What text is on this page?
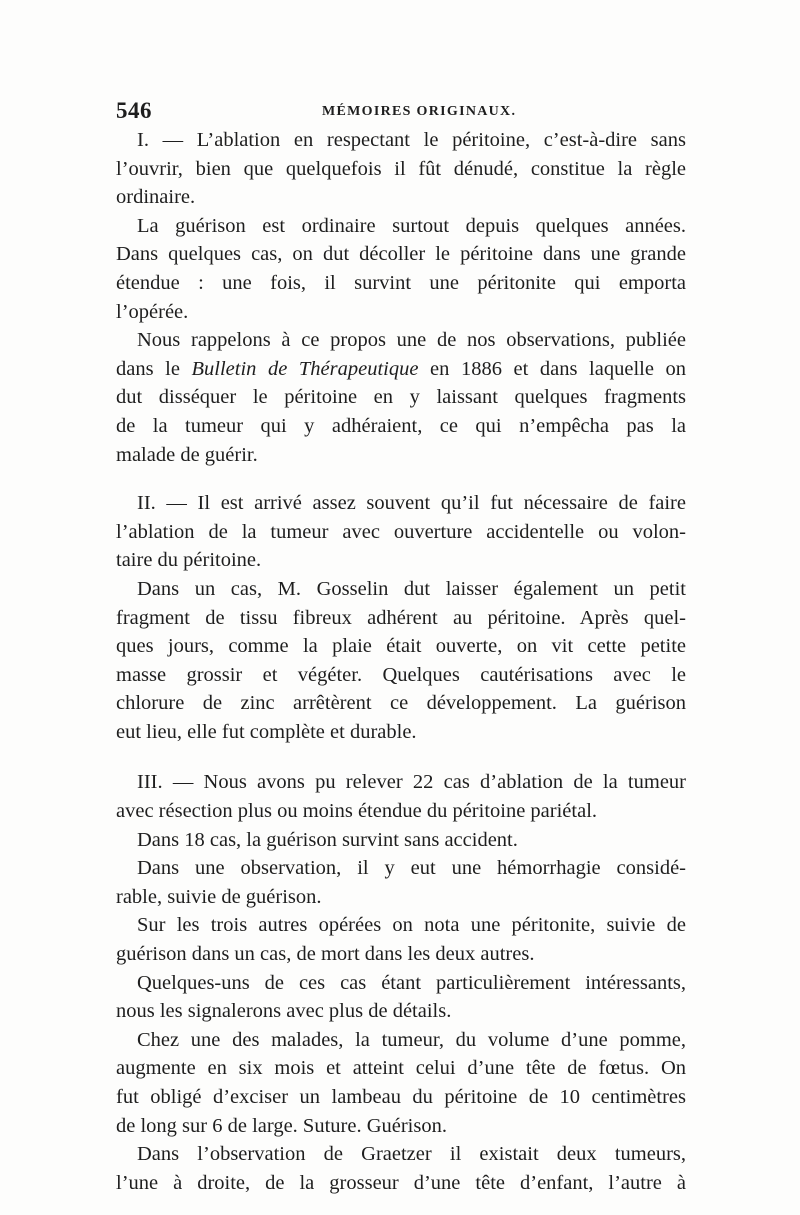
546	MÉMOIRES ORIGINAUX.
I. — L’ablation en respectant le péritoine, c’est-à-dire sans
l’ouvrir, bien que quelquefois il fût dénudé, constitue la règle
ordinaire.
La guérison est ordinaire surtout depuis quelques années.
Dans quelques cas, on dut décoller le péritoine dans une grande
étendue : une fois, il survint une péritonite qui emporta
l’opérée.
Nous rappelons à ce propos une de nos observations, publiée
dans le Bulletin de Thérapeutique en 1886 et dans laquelle on
dut disséquer le péritoine en y laissant quelques fragments
de la tumeur qui y adhéraient, ce qui n’empêcha pas la
malade de guérir.
II. — Il est arrivé assez souvent qu’il fut nécessaire de faire
l’ablation de la tumeur avec ouverture accidentelle ou volon-
taire du péritoine.
Dans un cas, M. Gosselin dut laisser également un petit
fragment de tissu fibreux adhérent au péritoine. Après quel-
ques jours, comme la plaie était ouverte, on vit cette petite
masse grossir et végéter. Quelques cautérisations avec le
chlorure de zinc arrêtèrent ce développement. La guérison
eut lieu, elle fut complète et durable.
III. — Nous avons pu relever 22 cas d’ablation de la tumeur
avec résection plus ou moins étendue du péritoine pariétal.
Dans 18 cas, la guérison survint sans accident.
Dans une observation, il y eut une hémorrhagie considé-
rable, suivie de guérison.
Sur les trois autres opérées on nota une péritonite, suivie de
guérison dans un cas, de mort dans les deux autres.
Quelques-uns de ces cas étant particulièrement intéressants,
nous les signalerons avec plus de détails.
Chez une des malades, la tumeur, du volume d’une pomme,
augmente en six mois et atteint celui d’une tête de fœtus. On
fut obligé d’exciser un lambeau du péritoine de 10 centimètres
de long sur 6 de large. Suture. Guérison.
Dans l’observation de Graetzer il existait deux tumeurs,
l’une à droite, de la grosseur d’une tête d’enfant, l’autre à
